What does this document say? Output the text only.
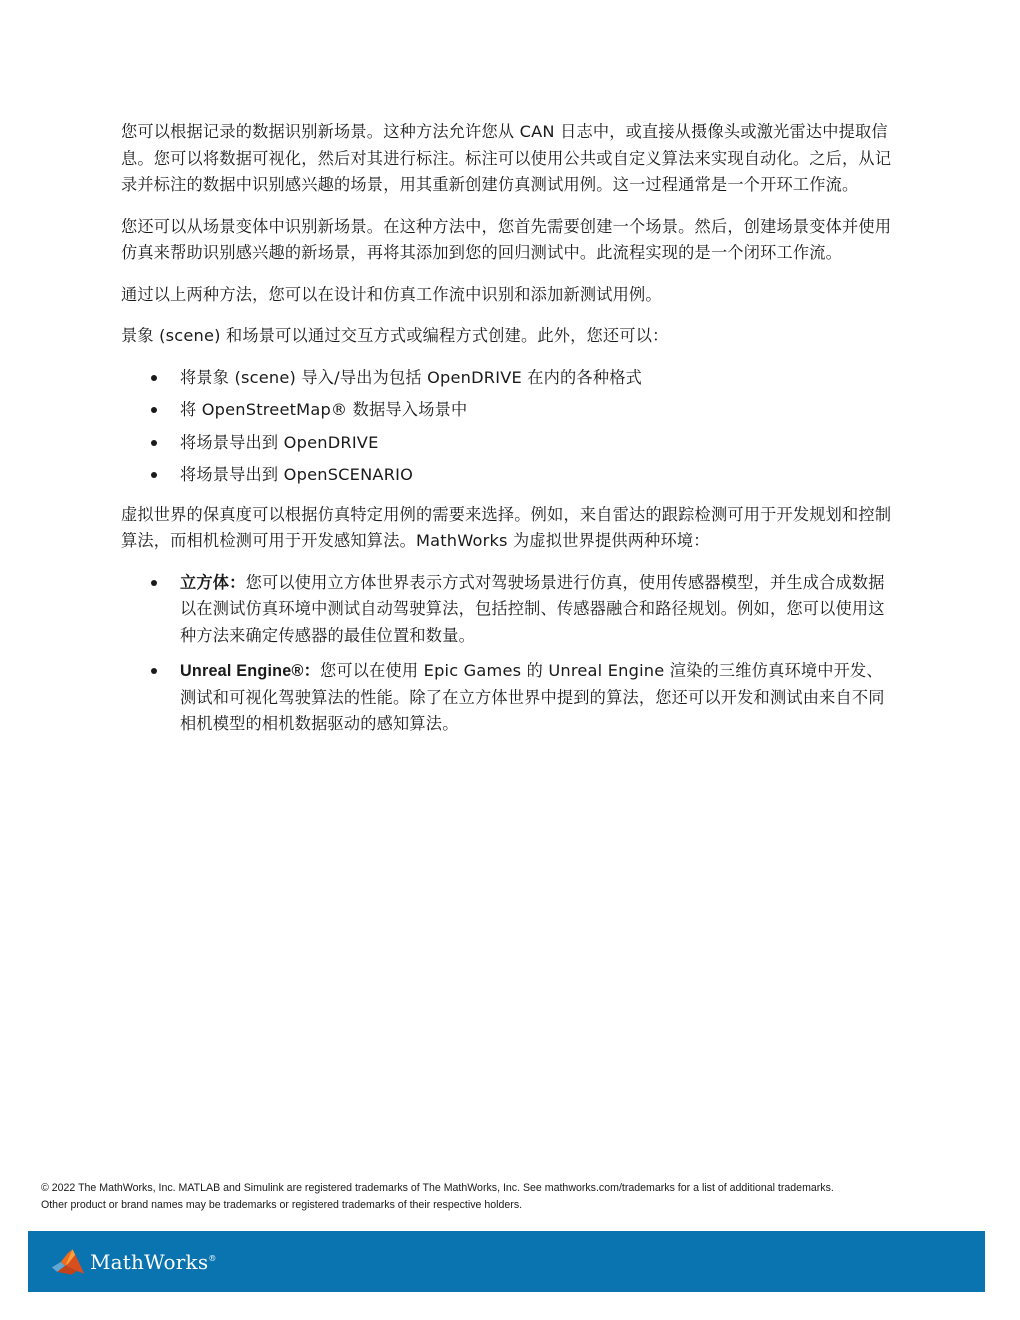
您可以根据记录的数据识别新场景。这种方法允许您从 CAN 日志中，或直接从摄像头或激光雷达中提取信息。您可以将数据可视化，然后对其进行标注。标注可以使用公共或自定义算法来实现自动化。之后，从记录并标注的数据中识别感兴趣的场景，用其重新创建仿真测试用例。这一过程通常是一个开环工作流。

您还可以从场景变体中识别新场景。在这种方法中，您首先需要创建一个场景。然后，创建场景变体并使用仿真来帮助识别感兴趣的新场景，再将其添加到您的回归测试中。此流程实现的是一个闭环工作流。

通过以上两种方法，您可以在设计和仿真工作流中识别和添加新测试用例。

景象 (scene) 和场景可以通过交互方式或编程方式创建。此外，您还可以：

将景象 (scene) 导入/导出为包括 OpenDRIVE 在内的各种格式
将 OpenStreetMap® 数据导入场景中
将场景导出到 OpenDRIVE
将场景导出到 OpenSCENARIO

虚拟世界的保真度可以根据仿真特定用例的需要来选择。例如，来自雷达的跟踪检测可用于开发规划和控制算法，而相机检测可用于开发感知算法。MathWorks 为虚拟世界提供两种环境：

立方体：您可以使用立方体世界表示方式对驾驶场景进行仿真，使用传感器模型，并生成合成数据以在测试仿真环境中测试自动驾驶算法，包括控制、传感器融合和路径规划。例如，您可以使用这种方法来确定传感器的最佳位置和数量。
Unreal Engine®：您可以在使用 Epic Games 的 Unreal Engine 渲染的三维仿真环境中开发、测试和可视化驾驶算法的性能。除了在立方体世界中提到的算法，您还可以开发和测试由来自不同相机模型的相机数据驱动的感知算法。
© 2022 The MathWorks, Inc. MATLAB and Simulink are registered trademarks of The MathWorks, Inc. See mathworks.com/trademarks for a list of additional trademarks.
Other product or brand names may be trademarks or registered trademarks of their respective holders.
MathWorks®
